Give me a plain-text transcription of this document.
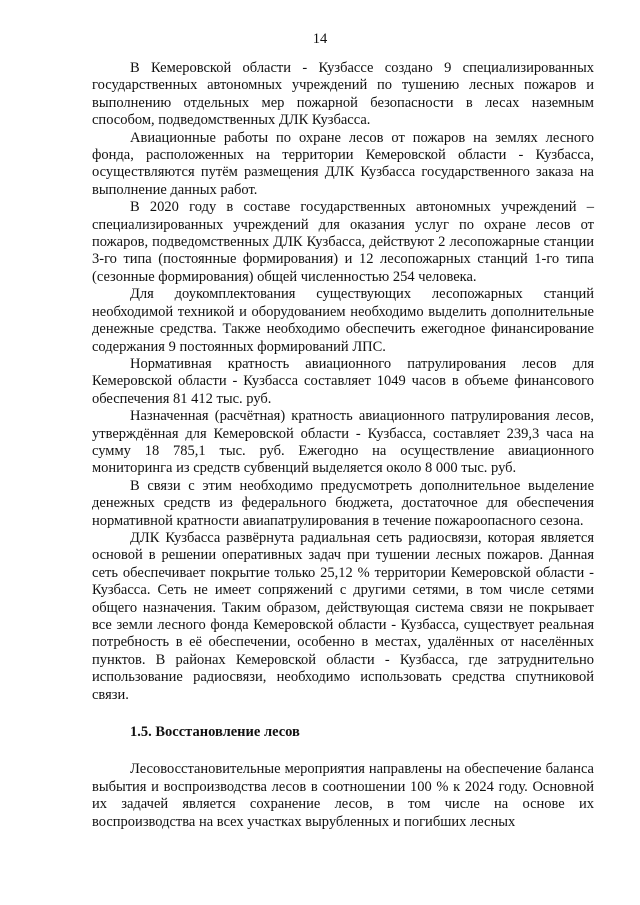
14

В Кемеровской области - Кузбассе создано 9 специализированных государственных автономных учреждений по тушению лесных пожаров и выполнению отдельных мер пожарной безопасности в лесах наземным способом, подведомственных ДЛК Кузбасса.

Авиационные работы по охране лесов от пожаров на землях лесного фонда, расположенных на территории Кемеровской области - Кузбасса, осуществляются путём размещения ДЛК Кузбасса государственного заказа на выполнение данных работ.

В 2020 году в составе государственных автономных учреждений – специализированных учреждений для оказания услуг по охране лесов от пожаров, подведомственных ДЛК Кузбасса, действуют 2 лесопожарные станции 3-го типа (постоянные формирования) и 12 лесопожарных станций 1-го типа (сезонные формирования) общей численностью 254 человека.

Для доукомплектования существующих лесопожарных станций необходимой техникой и оборудованием необходимо выделить дополнительные денежные средства. Также необходимо обеспечить ежегодное финансирование содержания 9 постоянных формирований ЛПС.

Нормативная кратность авиационного патрулирования лесов для Кемеровской области - Кузбасса составляет 1049 часов в объеме финансового обеспечения 81 412 тыс. руб.

Назначенная (расчётная) кратность авиационного патрулирования лесов, утверждённая для Кемеровской области - Кузбасса, составляет 239,3 часа на сумму 18 785,1 тыс. руб. Ежегодно на осуществление авиационного мониторинга из средств субвенций выделяется около 8 000 тыс. руб.

В связи с этим необходимо предусмотреть дополнительное выделение денежных средств из федерального бюджета, достаточное для обеспечения нормативной кратности авиапатрулирования в течение пожароопасного сезона.

ДЛК Кузбасса развёрнута радиальная сеть радиосвязи, которая является основой в решении оперативных задач при тушении лесных пожаров. Данная сеть обеспечивает покрытие только 25,12 % территории Кемеровской области - Кузбасса. Сеть не имеет сопряжений с другими сетями, в том числе сетями общего назначения. Таким образом, действующая система связи не покрывает все земли лесного фонда Кемеровской области - Кузбасса, существует реальная потребность в её обеспечении, особенно в местах, удалённых от населённых пунктов. В районах Кемеровской области - Кузбасса, где затруднительно использование радиосвязи, необходимо использовать средства спутниковой связи.

1.5. Восстановление лесов

Лесовосстановительные мероприятия направлены на обеспечение баланса выбытия и воспроизводства лесов в соотношении 100 % к 2024 году. Основной их задачей является сохранение лесов, в том числе на основе их воспроизводства на всех участках вырубленных и погибших лесных
